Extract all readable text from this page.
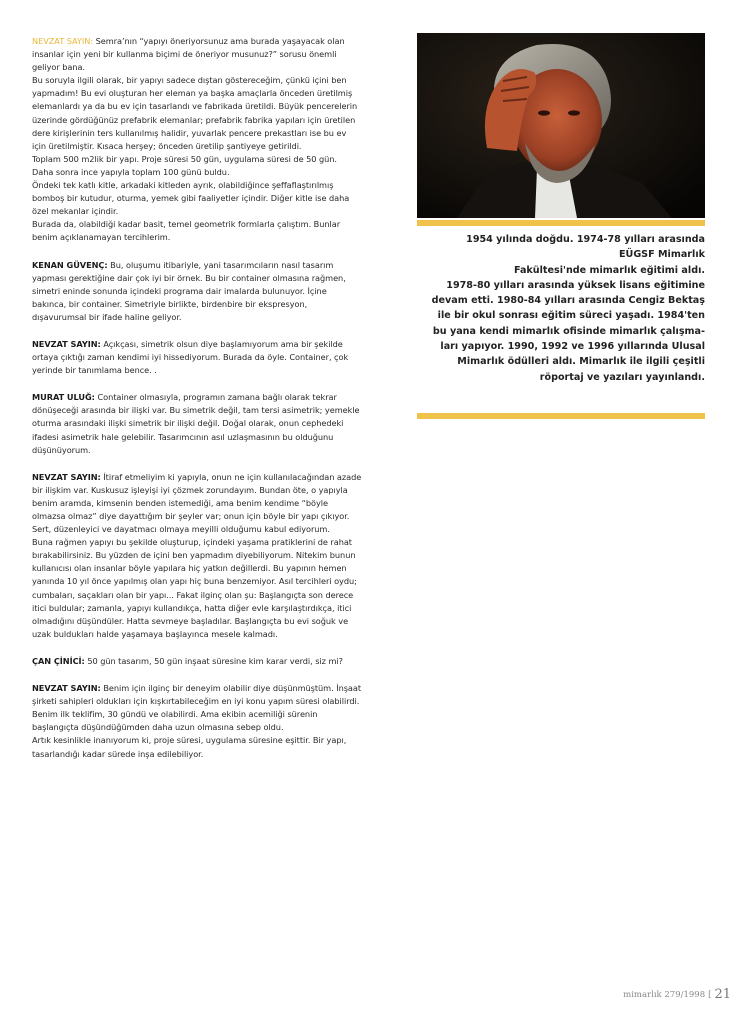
NEVZAT SAYIN: Semra’nın “yapıyı öneriyorsunuz ama burada yaşayacak olan insanlar için yeni bir kullanma biçimi de öneriyor musunuz?” sorusu önemli geliyor bana.

Bu soruyla ilgili olarak, bir yapıyı sadece dıştan göstereceğim, çünkü içini ben yapmadım! Bu evi oluşturan her eleman ya başka amaçlarla önceden üretilmiş elemanlardı ya da bu ev için tasarlandı ve fabrikada üretildi. Büyük pencerelerin üzerinde gördüğünüz prefabrik elemanlar; prefabrik fabrika yapıları için üretilen dere kirişlerinin ters kullanılmış halidir, yuvarlak pencere prekastları ise bu ev için üretilmiştir. Kısaca herşey; önceden üretilip şantiyeye getirildi.

Toplam 500 m2lik bir yapı. Proje süresi 50 gün, uygulama süresi de 50 gün.

Daha sonra ince yapıyla toplam 100 günü buldu.

Öndeki tek katlı kitle, arkadaki kitleden ayrık, olabildiğince şeffaflaştırılmış bomboş bir kutudur, oturma, yemek gibi faaliyetler içindir. Diğer kitle ise daha özel mekanlar içindir.

Burada da, olabildiği kadar basit, temel geometrik formlarla çalıştım. Bunlar benim açıklanamayan tercihlerim.

KENAN GÜVENÇ: Bu, oluşumu itibariyle, yani tasarımcıların nasıl tasarım yapması gerektiğine dair çok iyi bir örnek. Bu bir container olmasına rağmen, simetri eninde sonunda içindeki programa dair imalarda bulunuyor. İçine bakınca, bir container. Simetriyle birlikte, birdenbire bir ekspresyon, dışavurumsal bir ifade haline geliyor.

NEVZAT SAYIN: Açıkçası, simetrik olsun diye başlamıyorum ama bir şekilde ortaya çıktığı zaman kendimi iyi hissediyorum. Burada da öyle. Container, çok yerinde bir tanımlama bence. .

MURAT ULUĞ: Container olmasıyla, programın zamana bağlı olarak tekrar dönüşeceği arasında bir ilişki var. Bu simetrik değil, tam tersi asimetrik; yemekle oturma arasındaki ilişki simetrik bir ilişki değil. Doğal olarak, onun cephedeki ifadesi asimetrik hale gelebilir. Tasarımcının asıl uzlaşmasının bu olduğunu düşünüyorum.

NEVZAT SAYIN: İtiraf etmeliyim ki yapıyla, onun ne için kullanılacağından azade bir ilişkim var. Kuskusuz işleyişi iyi çözmek zorundayım. Bundan öte, o yapıyla benim aramda, kimsenin benden istemediği, ama benim kendime “böyle olmazsa olmaz” diye dayattığım bir şeyler var; onun için böyle bir yapı çıkıyor. Sert, düzenleyici ve dayatmacı olmaya meyilli olduğumu kabul ediyorum.

Buna rağmen yapıyı bu şekilde oluşturup, içindeki yaşama pratiklerini de rahat bırakabilirsiniz. Bu yüzden de içini ben yapmadım diyebiliyorum. Nitekim bunun kullanıcısı olan insanlar böyle yapılara hiç yatkın değillerdi. Bu yapının hemen yanında 10 yıl önce yapılmış olan yapı hiç buna benzemiyor. Asıl tercihleri oydu; cumbaları, saçakları olan bir yapı... Fakat ilginç olan şu: Başlangıçta son derece itici buldular; zamanla, yapıyı kullandıkça, hatta diğer evle karşılaştırdıkça, itici olmadığını düşündüler. Hatta sevmeye başladılar. Başlangıçta bu evi soğuk ve uzak buldukları halde yaşamaya başlayınca mesele kalmadı.

ÇAN ÇİNİCİ: 50 gün tasarım, 50 gün inşaat süresine kim karar verdi, siz mi?

NEVZAT SAYIN: Benim için ilginç bir deneyim olabilir diye düşünmüştüm. İnşaat şirketi sahipleri oldukları için kışkırtabileceğim en iyi konu yapım süresi olabilirdi. Benim ilk teklifim, 30 gündü ve olabilirdi. Ama ekibin acemiliği sürenin başlangıçta düşündüğümden daha uzun olmasına sebep oldu.

Artık kesinlikle inanıyorum ki, proje süresi, uygulama süresine eşittir. Bir yapı, tasarlandığı kadar sürede inşa edilebiliyor.

1954 yılında doğdu. 1974-78 yılları arasında
EÜGSF Mimarlık
Fakültesi'nde mimarlık eğitimi aldı.
1978-80 yılları arasında yüksek lisans eğitimine
devam etti. 1980-84 yılları arasında Cengiz Bektaş
ile bir okul sonrası eğitim süreci yaşadı. 1984'ten
bu yana kendi mimarlık ofisinde mimarlık çalışma-
ları yapıyor. 1990, 1992 ve 1996 yıllarında Ulusal
Mimarlık ödülleri aldı. Mimarlık ile ilgili çeşitli
röportaj ve yazıları yayınlandı.
mimarlık 279/1998 [ 21
